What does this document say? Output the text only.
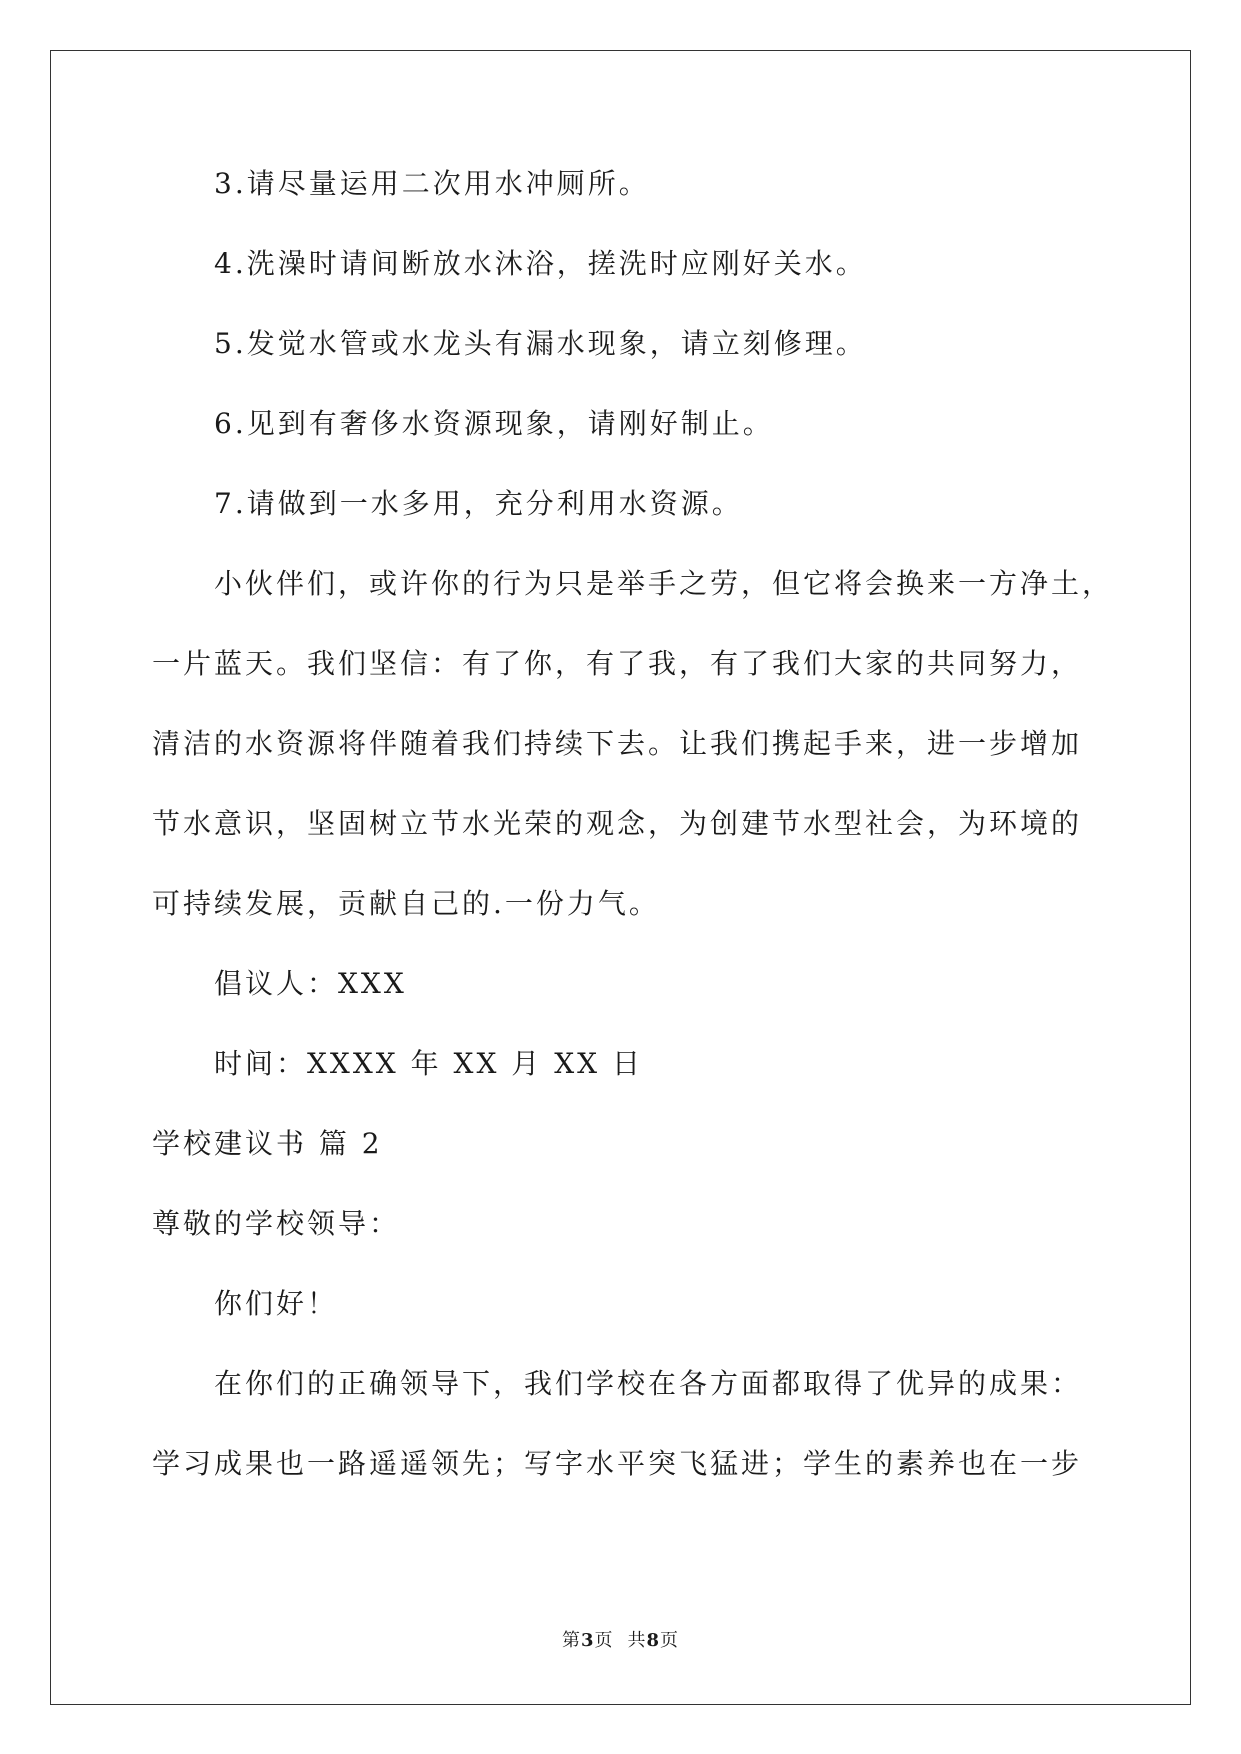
3.请尽量运用二次用水冲厕所。
4.洗澡时请间断放水沐浴，搓洗时应刚好关水。
5.发觉水管或水龙头有漏水现象，请立刻修理。
6.见到有奢侈水资源现象，请刚好制止。
7.请做到一水多用，充分利用水资源。
小伙伴们，或许你的行为只是举手之劳，但它将会换来一方净土，
一片蓝天。我们坚信：有了你，有了我，有了我们大家的共同努力，
清洁的水资源将伴随着我们持续下去。让我们携起手来，进一步增加
节水意识，坚固树立节水光荣的观念，为创建节水型社会，为环境的
可持续发展，贡献自己的.一份力气。
倡议人：XXX
时间：XXXX 年 XX 月 XX 日
学校建议书 篇 2
尊敬的学校领导：
你们好！
在你们的正确领导下，我们学校在各方面都取得了优异的成果：
学习成果也一路遥遥领先；写字水平突飞猛进；学生的素养也在一步
第3页 共8页
